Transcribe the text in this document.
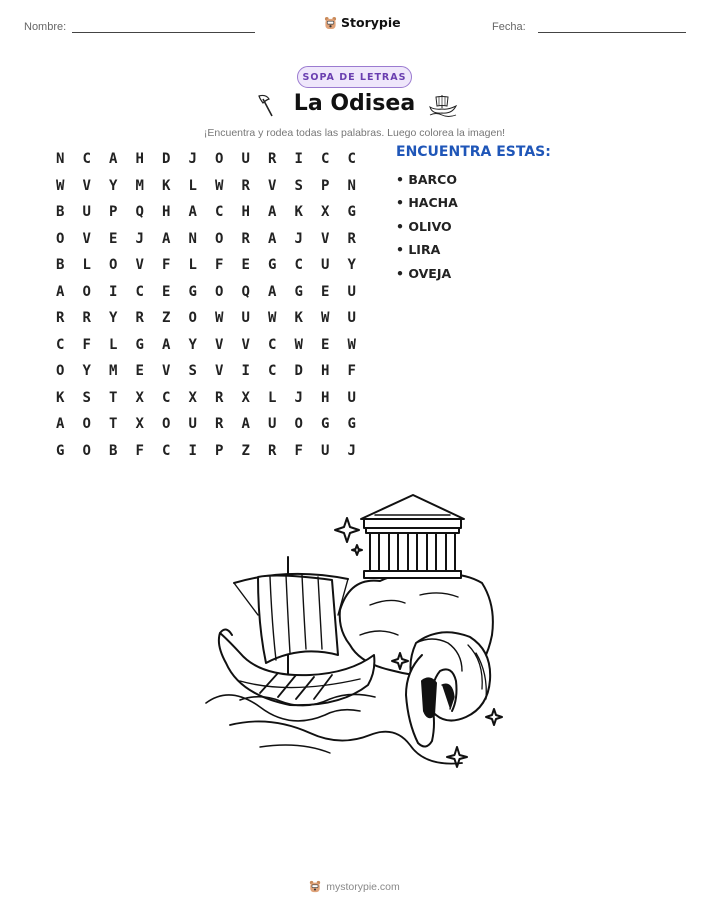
Nombre:	Storypie	Fecha:
SOPA DE LETRAS
La Odisea
¡Encuentra y rodea todas las palabras. Luego colorea la imagen!
N	C	A	H	D	J	O	U	R	I	C	C
W	V	Y	M	K	L	W	R	V	S	P	N
B	U	P	Q	H	A	C	H	A	K	X	G
O	V	E	J	A	N	O	R	A	J	V	R
B	L	O	V	F	L	F	E	G	C	U	Y
A	O	I	C	E	G	O	Q	A	G	E	U
R	R	Y	R	Z	O	W	U	W	K	W	U
C	F	L	G	A	Y	V	V	C	W	E	W
O	Y	M	E	V	S	V	I	C	D	H	F
K	S	T	X	C	X	R	X	L	J	H	U
A	O	T	X	O	U	R	A	U	O	G	G
G	O	B	F	C	I	P	Z	R	F	U	J
ENCUENTRA ESTAS:
• BARCO
• HACHA
• OLIVO
• LIRA
• OVEJA
mystorypie.com
